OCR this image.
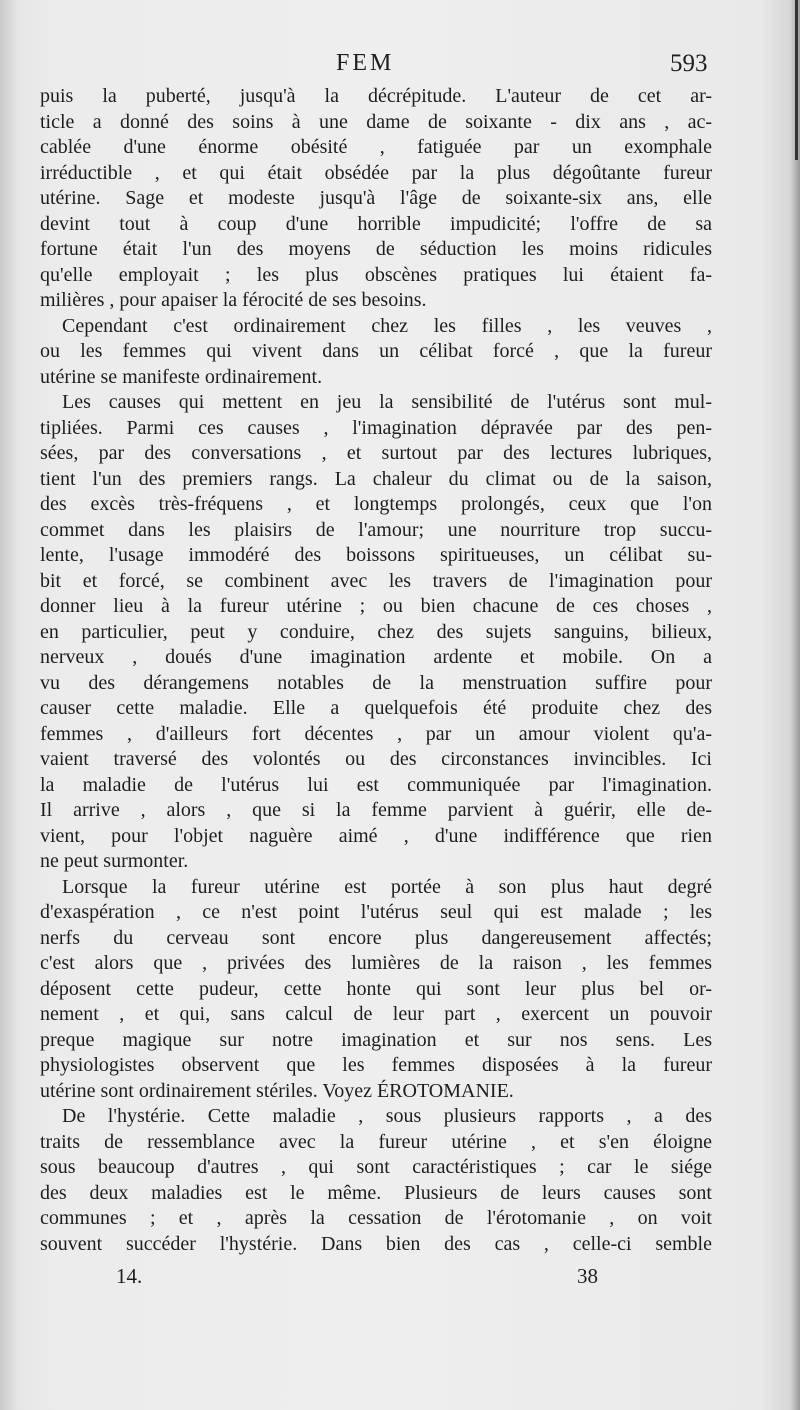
FEM	593
puis la puberté, jusqu'à la décrépitude. L'auteur de cet ar-
ticle a donné des soins à une dame de soixante - dix ans , ac-
cablée d'une énorme obésité , fatiguée par un exomphale
irréductible , et qui était obsédée par la plus dégoûtante fureur
utérine. Sage et modeste jusqu'à l'âge de soixante-six ans, elle
devint tout à coup d'une horrible impudicité; l'offre de sa
fortune était l'un des moyens de séduction les moins ridicules
qu'elle employait ; les plus obscènes pratiques lui étaient fa-
milières , pour apaiser la férocité de ses besoins.
Cependant c'est ordinairement chez les filles , les veuves ,
ou les femmes qui vivent dans un célibat forcé , que la fureur
utérine se manifeste ordinairement.
Les causes qui mettent en jeu la sensibilité de l'utérus sont mul-
tipliées. Parmi ces causes , l'imagination dépravée par des pen-
sées, par des conversations , et surtout par des lectures lubriques,
tient l'un des premiers rangs. La chaleur du climat ou de la saison,
des excès très-fréquens , et longtemps prolongés, ceux que l'on
commet dans les plaisirs de l'amour; une nourriture trop succu-
lente, l'usage immodéré des boissons spiritueuses, un célibat su-
bit et forcé, se combinent avec les travers de l'imagination pour
donner lieu à la fureur utérine ; ou bien chacune de ces choses ,
en particulier, peut y conduire, chez des sujets sanguins, bilieux,
nerveux , doués d'une imagination ardente et mobile. On a
vu des dérangemens notables de la menstruation suffire pour
causer cette maladie. Elle a quelquefois été produite chez des
femmes , d'ailleurs fort décentes , par un amour violent qu'a-
vaient traversé des volontés ou des circonstances invincibles. Ici
la maladie de l'utérus lui est communiquée par l'imagination.
Il arrive , alors , que si la femme parvient à guérir, elle de-
vient, pour l'objet naguère aimé , d'une indifférence que rien
ne peut surmonter.
Lorsque la fureur utérine est portée à son plus haut degré
d'exaspération , ce n'est point l'utérus seul qui est malade ; les
nerfs du cerveau sont encore plus dangereusement affectés;
c'est alors que , privées des lumières de la raison , les femmes
déposent cette pudeur, cette honte qui sont leur plus bel or-
nement , et qui, sans calcul de leur part , exercent un pouvoir
preque magique sur notre imagination et sur nos sens. Les
physiologistes observent que les femmes disposées à la fureur
utérine sont ordinairement stériles. Voyez ÉROTOMANIE.
De l'hystérie. Cette maladie , sous plusieurs rapports , a des
traits de ressemblance avec la fureur utérine , et s'en éloigne
sous beaucoup d'autres , qui sont caractéristiques ; car le siége
des deux maladies est le même. Plusieurs de leurs causes sont
communes ; et , après la cessation de l'érotomanie , on voit
souvent succéder l'hystérie. Dans bien des cas , celle-ci semble
14.	38
